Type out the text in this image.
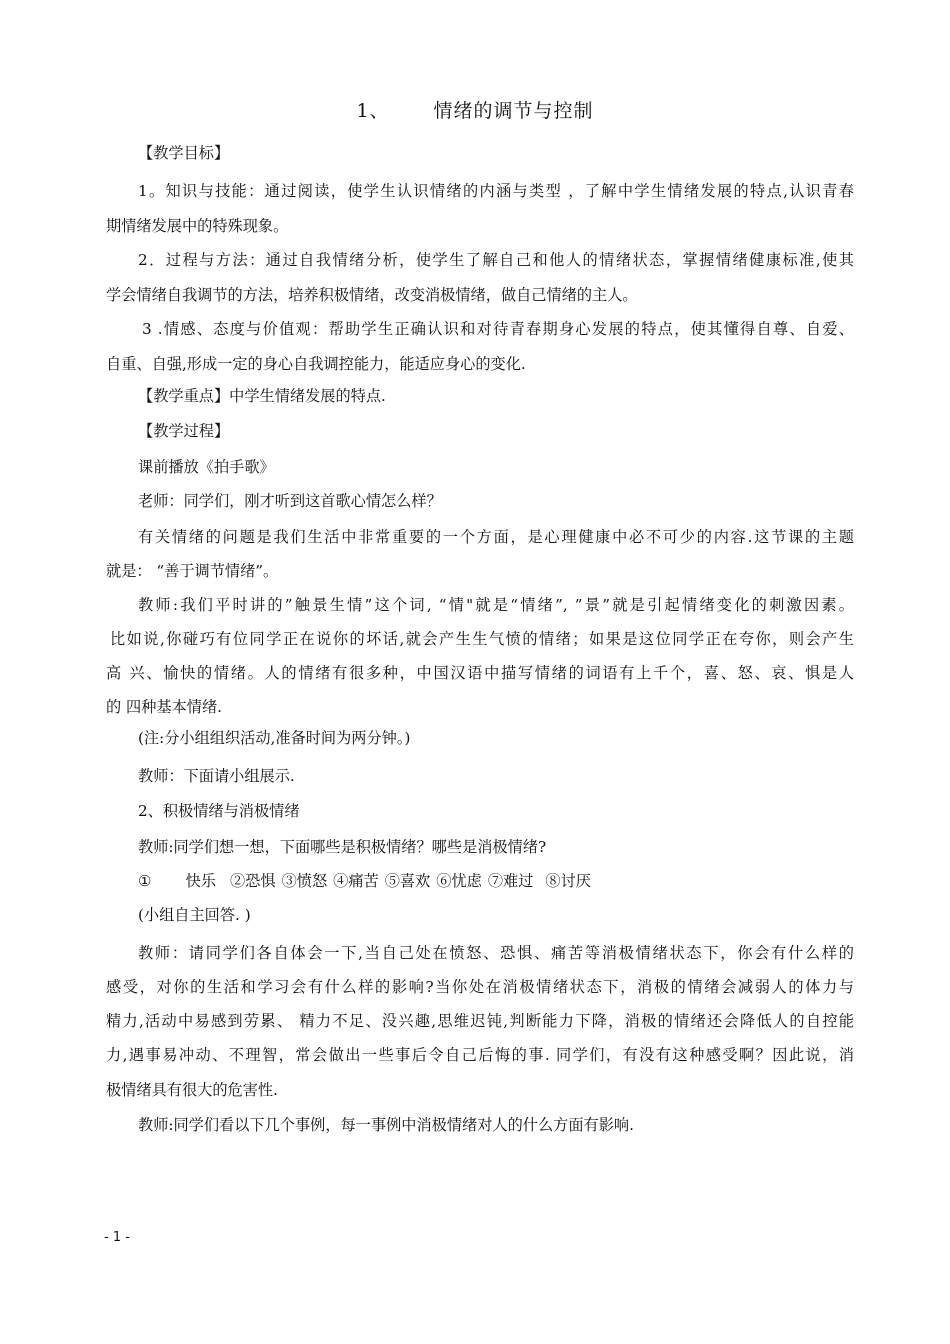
1、 情绪的调节与控制
【教学目标】
1。知识与技能：通过阅读，使学生认识情绪的内涵与类型 ，了解中学生情绪发展的特点,认识青春
期情绪发展中的特殊现象。
2．过程与方法：通过自我情绪分析，使学生了解自己和他人的情绪状态，掌握情绪健康标准,使其
学会情绪自我调节的方法，培养积极情绪，改变消极情绪，做自己情绪的主人。
3 .情感、态度与价值观：帮助学生正确认识和对待青春期身心发展的特点，使其懂得自尊、自爱、
自重、自强,形成一定的身心自我调控能力，能适应身心的变化.
【教学重点】中学生情绪发展的特点.
【教学过程】
课前播放《拍手歌》
老师：同学们，刚才听到这首歌心情怎么样？
有关情绪的问题是我们生活中非常重要的一个方面，是心理健康中必不可少的内容.这节课的主题
就是： “善于调节情绪”。
教师:我们平时讲的”触景生情”这个词, “情"就是“情绪”, ”景”就是引起情绪变化的刺激因素。
比如说,你碰巧有位同学正在说你的坏话,就会产生生气愤的情绪；如果是这位同学正在夸你，则会产生
高 兴、愉快的情绪。人的情绪有很多种，中国汉语中描写情绪的词语有上千个，喜、怒、哀、惧是人
的 四种基本情绪.
(注:分小组组织活动,准备时间为两分钟。)
教师：下面请小组展示.
2、积极情绪与消极情绪
教师:同学们想一想，下面哪些是积极情绪？哪些是消极情绪?
① 快乐 ②恐惧 ③愤怒 ④痛苦 ⑤喜欢 ⑥忧虑 ⑦难过 ⑧讨厌
(小组自主回答. )
教师：请同学们各自体会一下,当自己处在愤怒、恐惧、痛苦等消极情绪状态下，你会有什么样的
感受，对你的生活和学习会有什么样的影响?当你处在消极情绪状态下，消极的情绪会减弱人的体力与
精力,活动中易感到劳累、 精力不足、没兴趣,思维迟钝,判断能力下降，消极的情绪还会降低人的自控能
力,遇事易冲动、不理智，常会做出一些事后令自己后悔的事. 同学们，有没有这种感受啊？因此说，消
极情绪具有很大的危害性.
教师:同学们看以下几个事例，每一事例中消极情绪对人的什么方面有影响.
- 1 -
